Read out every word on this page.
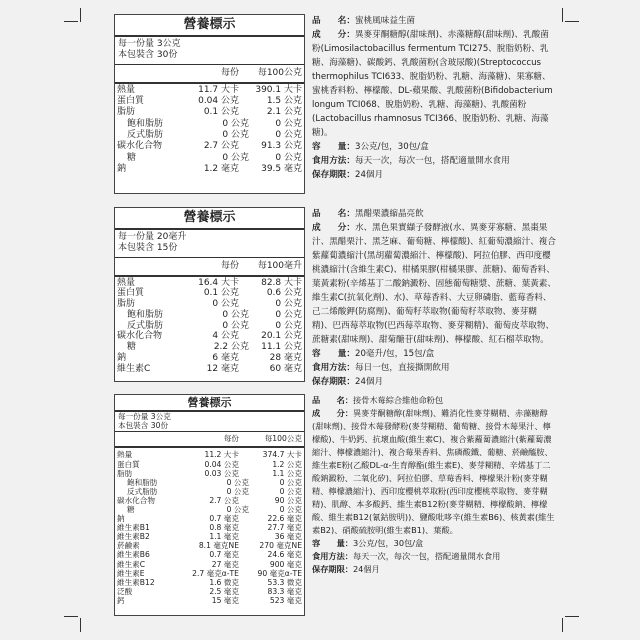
營養標示
每一份量 3公克
本包裝含 30份
每份	每100公克
熱量	11.7 大卡	390.1 大卡
蛋白質	0.04 公克	1.5 公克
脂肪	0.1 公克	2.1 公克
飽和脂肪	0 公克	0 公克
反式脂肪	0 公克	0 公克
碳水化合物	2.7 公克	91.3 公克
糖	0 公克	0 公克
鈉	1.2 毫克	39.5 毫克
營養標示
每一份量 20毫升
本包裝含 15份
每份	每100毫升
熱量	16.4 大卡	82.8 大卡
蛋白質	0.1 公克	0.6 公克
脂肪	0 公克	0 公克
飽和脂肪	0 公克	0 公克
反式脂肪	0 公克	0 公克
碳水化合物	4 公克	20.1 公克
糖	2.2 公克	11.1 公克
鈉	6 毫克	28 毫克
維生素C	12 毫克	60 毫克
營養標示
每一份量 3公克
本包裝含 30份
每份	每100公克
熱量	11.2 大卡	374.7 大卡
蛋白質	0.04 公克	1.2 公克
脂肪	0.03 公克	1.1 公克
飽和脂肪	0 公克	0 公克
反式脂肪	0 公克	0 公克
碳水化合物	2.7 公克	90 公克
糖	0 公克	0 公克
鈉	0.7 毫克	22.6 毫克
維生素B1	0.8 毫克	27.7 毫克
維生素B2	1.1 毫克	36 毫克
菸鹼素	8.1 毫克NE	270 毫克NE
維生素B6	0.7 毫克	24.6 毫克
維生素C	27 毫克	900 毫克
維生素E	2.7 毫克α-TE	90 毫克α-TE
維生素B12	1.6 微克	53.3 微克
泛酸	2.5 毫克	83.3 毫克
鈣	15 毫克	523 毫克
品　　名：蜜桃風味益生菌
成　　分：異麥芽酮糖醇(甜味劑)、赤藻糖醇(甜味劑)、乳酸菌粉(Limosilactobacillus fermentum TCI275、脫脂奶粉、乳糖、海藻糖)、碳酸鈣、乳酸菌粉(含玻尿酸)(Streptococcus thermophilus TCI633、脫脂奶粉、乳糖、海藻糖)、果寡糖、蜜桃香料粉、檸檬酸、DL-蘋果酸、乳酸菌粉(Bifidobacterium longum TCI068、脫脂奶粉、乳糖、海藻糖)、乳酸菌粉(Lactobacillus rhamnosus TCI366、脫脂奶粉、乳糖、海藻糖)。
容　　量：3公克/包，30包/盒
食用方法：每天一次，每次一包，搭配適量開水食用
保存期限：24個月
品　　名：黑醋栗濃縮晶亮飲
成　　分：水、黑色果實纈子發酵液(水、異麥芽寡糖、黑棗果汁、黑醋栗汁、黑芝麻、葡萄糖、檸檬酸)、紅葡萄濃縮汁、複合紫蘿蔔濃縮汁(黑胡蘿蔔濃縮汁、檸檬酸)、阿拉伯膠、西印度櫻桃濃縮汁(含維生素C)、柑橘果膠(柑橘果膠、蔗糖)、葡萄香料、葉黃素粉(辛烯基丁二酸鈉澱粉、固態葡萄糖漿、蔗糖、葉黃素、維生素C(抗氧化劑)、水)、草莓香料、大豆卵磷脂、藍莓香料、己二烯酸鉀(防腐劑)、葡萄籽萃取物(葡萄籽萃取物、麥芽糊精)、巴西莓萃取物(巴西莓萃取物、麥芽糊精)、葡萄皮萃取物、蔗糖素(甜味劑)、甜菊醣苷(甜味劑)、檸檬酸、紅石榴萃取物。
容　　量：20毫升/包，15包/盒
食用方法：每日一包，直接撕開飲用
保存期限：24個月
品　　名：接骨木莓綜合維他命粉包
成　　分：異麥芽酮糖醇(甜味劑)、難消化性麥芽糊精、赤藻糖醇(甜味劑)、接骨木莓發酵粉(麥芽糊精、葡萄糖、接骨木莓果汁、檸檬酸)、牛奶鈣、抗壞血酸(維生素C)、複合紫蘿蔔濃縮汁(紫蘿蔔濃縮汁、檸檬濃縮汁)、複合莓果香料、焦磷酸鐵、葡糖、菸鹼醯胺、維生素E粉(乙酸DL-α-生育醇酯(維生素E)、麥芽糊精、辛烯基丁二酸鈉澱粉、二氧化矽)、阿拉伯膠、草莓香料、檸檬果汁粉(麥芽糊精、檸檬濃縮汁)、西印度櫻桃萃取粉(西印度櫻桃萃取物、麥芽糊精)、肌醇、本多酸鈣、維生素B12粉(麥芽糊精、檸檬酸鈉、檸檬酸、維生素B12(氰鈷胺明))、鹽酸吡哆辛(維生素B6)、核黃素(維生素B2)、硝酸硫胺明(維生素B1)、葉酸。
容　　量：3公克/包，30包/盒
食用方法：每天一次，每次一包，搭配適量開水食用
保存期限：24個月
